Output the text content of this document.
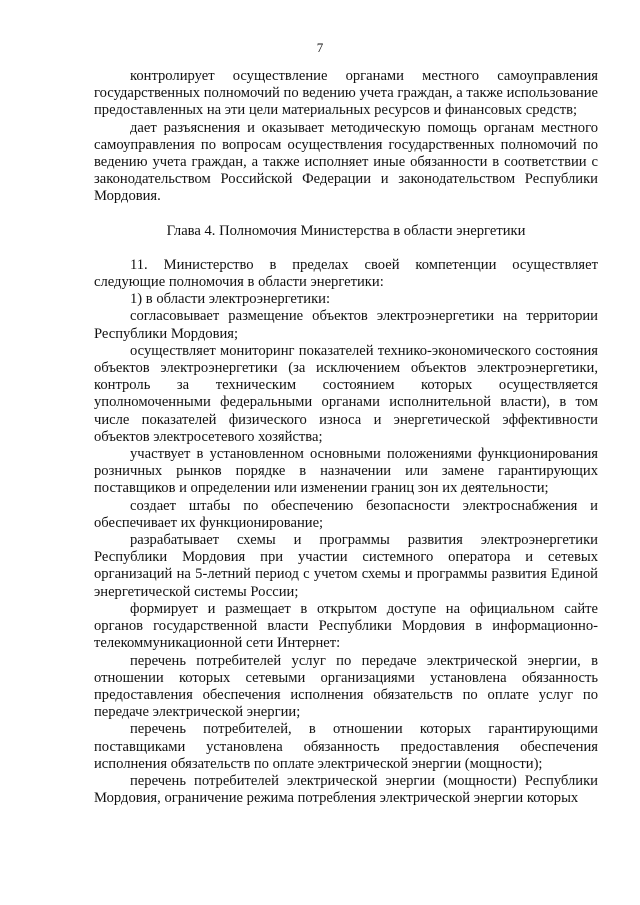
7

контролирует осуществление органами местного самоуправления государственных полномочий по ведению учета граждан, а также использование предоставленных на эти цели материальных ресурсов и финансовых средств;

дает разъяснения и оказывает методическую помощь органам местного самоуправления по вопросам осуществления государственных полномочий по ведению учета граждан, а также исполняет иные обязанности в соответствии с законодательством Российской Федерации и законодательством Республики Мордовия.

Глава 4. Полномочия Министерства в области энергетики

11. Министерство в пределах своей компетенции осуществляет следующие полномочия в области энергетики:

1) в области электроэнергетики:

согласовывает размещение объектов электроэнергетики на территории Республики Мордовия;

осуществляет мониторинг показателей технико-экономического состояния объектов электроэнергетики (за исключением объектов электроэнергетики, контроль за техническим состоянием которых осуществляется уполномоченными федеральными органами исполнительной власти), в том числе показателей физического износа и энергетической эффективности объектов электросетевого хозяйства;

участвует в установленном основными положениями функционирования розничных рынков порядке в назначении или замене гарантирующих поставщиков и определении или изменении границ зон их деятельности;

создает штабы по обеспечению безопасности электроснабжения и обеспечивает их функционирование;

разрабатывает схемы и программы развития электроэнергетики Республики Мордовия при участии системного оператора и сетевых организаций на 5-летний период с учетом схемы и программы развития Единой энергетической системы России;

формирует и размещает в открытом доступе на официальном сайте органов государственной власти Республики Мордовия в информационно-телекоммуникационной сети Интернет:

перечень потребителей услуг по передаче электрической энергии, в отношении которых сетевыми организациями установлена обязанность предоставления обеспечения исполнения обязательств по оплате услуг по передаче электрической энергии;

перечень потребителей, в отношении которых гарантирующими поставщиками установлена обязанность предоставления обеспечения исполнения обязательств по оплате электрической энергии (мощности);

перечень потребителей электрической энергии (мощности) Республики Мордовия, ограничение режима потребления электрической энергии которых
